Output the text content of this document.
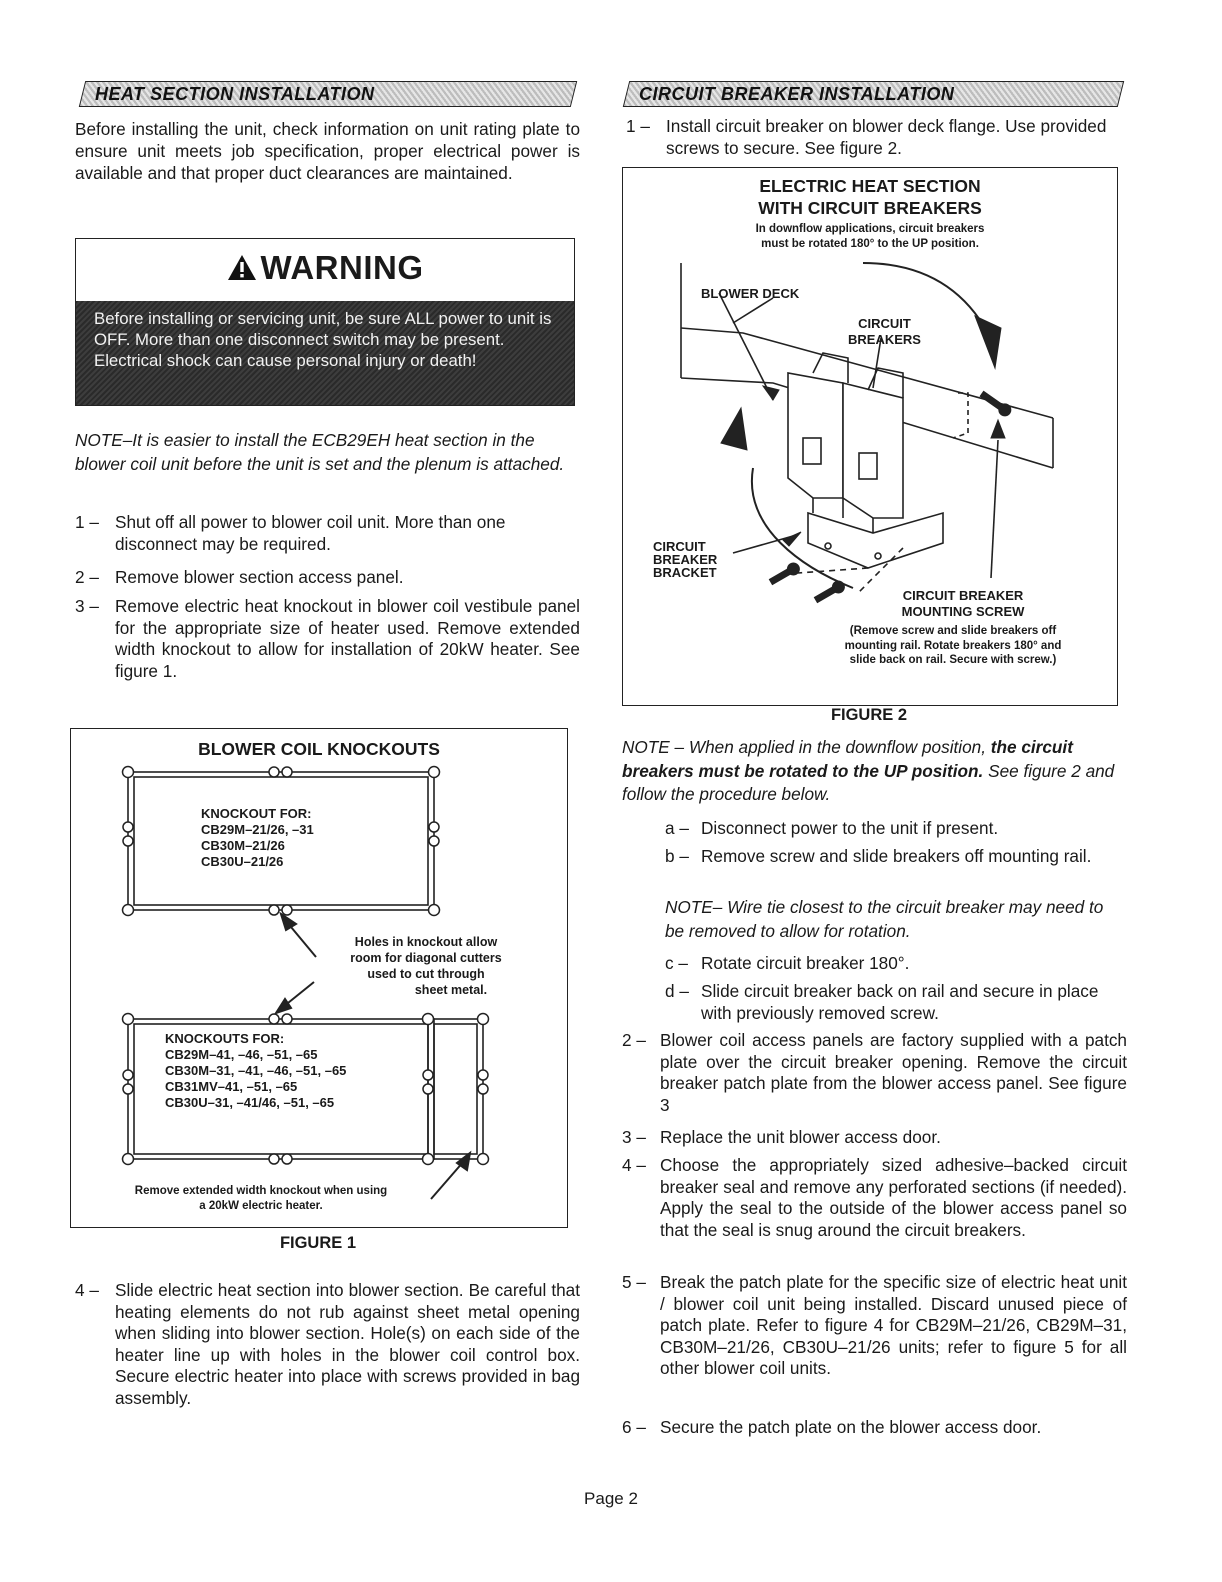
HEAT SECTION INSTALLATION

Before installing the unit, check information on unit rating plate to ensure unit meets job specification, proper electrical power is available and that proper duct clearances are maintained.

WARNING
Before installing or servicing unit, be sure ALL power to unit is OFF. More than one disconnect switch may be present. Electrical shock can cause personal injury or death!

NOTE–It is easier to install the ECB29EH heat section in the blower coil unit before the unit is set and the plenum is attached.

1 – Shut off all power to blower coil unit. More than one disconnect may be required.
2 – Remove blower section access panel.
3 – Remove electric heat knockout in blower coil vestibule panel for the appropriate size of heater used. Remove extended width knockout to allow for installation of 20kW heater. See figure 1.
BLOWER COIL KNOCKOUTS
KNOCKOUT FOR:
CB29M–21/26, –31
CB30M–21/26
CB30U–21/26
Holes in knockout allow
room for diagonal cutters
used to cut through
sheet metal.
KNOCKOUTS FOR:
CB29M–41, –46, –51, –65
CB30M–31, –41, –46, –51, –65
CB31MV–41, –51, –65
CB30U–31, –41/46, –51, –65
Remove extended width knockout when using
a 20kW electric heater.
FIGURE 1
4 – Slide electric heat section into blower section. Be careful that heating elements do not rub against sheet metal opening when sliding into blower section. Hole(s) on each side of the heater line up with holes in the blower coil control box. Secure electric heater into place with screws provided in bag assembly.
CIRCUIT BREAKER INSTALLATION
1 – Install circuit breaker on blower deck flange. Use provided screws to secure. See figure 2.
ELECTRIC HEAT SECTION
WITH CIRCUIT BREAKERS
In downflow applications, circuit breakers
must be rotated 180° to the UP position.
BLOWER DECK
CIRCUIT
BREAKERS
CIRCUIT
BREAKER
BRACKET
CIRCUIT BREAKER
MOUNTING SCREW
(Remove screw and slide breakers off
mounting rail. Rotate breakers 180° and
slide back on rail. Secure with screw.)
FIGURE 2

NOTE – When applied in the downflow position, the circuit breakers must be rotated to the UP position. See figure 2 and follow the procedure below.

a – Disconnect power to the unit if present.
b – Remove screw and slide breakers off mounting rail.

NOTE– Wire tie closest to the circuit breaker may need to be removed to allow for rotation.

c – Rotate circuit breaker 180°.
d – Slide circuit breaker back on rail and secure in place with previously removed screw.
2 – Blower coil access panels are factory supplied with a patch plate over the circuit breaker opening. Remove the circuit breaker patch plate from the blower access panel. See figure 3
3 – Replace the unit blower access door.
4 – Choose the appropriately sized adhesive–backed circuit breaker seal and remove any perforated sections (if needed). Apply the seal to the outside of the blower access panel so that the seal is snug around the circuit breakers.
5 – Break the patch plate for the specific size of electric heat unit / blower coil unit being installed. Discard unused piece of patch plate. Refer to figure 4 for CB29M–21/26, CB29M–31, CB30M–21/26, CB30U–21/26 units; refer to figure 5 for all other blower coil units.
6 – Secure the patch plate on the blower access door.
Page 2
